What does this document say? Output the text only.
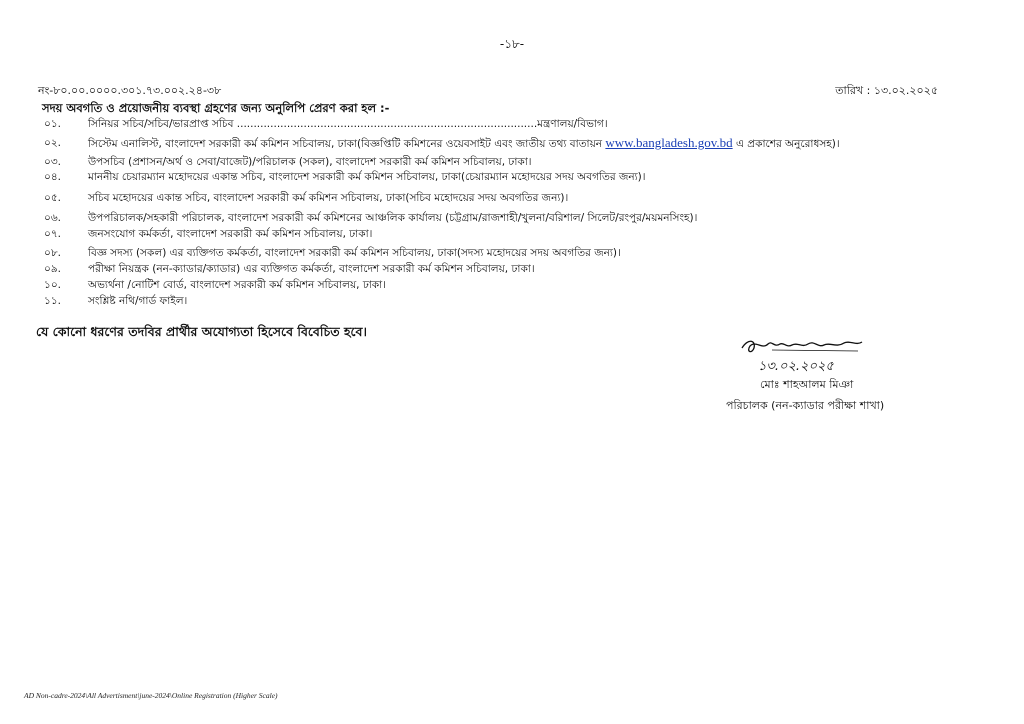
-১৮-
নং-৮০.০০.০০০০.৩০১.৭৩.০০২.২৪-৩৮	তারিখ : ১৩.০২.২০২৫
সদয় অবগতি ও প্রয়োজনীয় ব্যবস্থা গ্রহণের জন্য অনুলিপি প্রেরণ করা হল :-
০১.	সিনিয়র সচিব/সচিব/ভারপ্রাপ্ত সচিব ..........................................................................................মন্ত্রণালয়/বিভাগ।
০২.	সিস্টেম এনালিস্ট, বাংলাদেশ সরকারী কর্ম কমিশন সচিবালয়, ঢাকা(বিজ্ঞপ্তিটি কমিশনের ওয়েবসাইট এবং জাতীয় তথ্য বাতায়ন www.bangladesh.gov.bd এ প্রকাশের অনুরোধসহ)।
০৩.	উপসচিব (প্রশাসন/অর্থ ও সেবা/বাজেট)/পরিচালক (সকল), বাংলাদেশ সরকারী কর্ম কমিশন সচিবালয়, ঢাকা।
০৪.	মাননীয় চেয়ারম্যান মহোদয়ের একান্ত সচিব, বাংলাদেশ সরকারী কর্ম কমিশন সচিবালয়, ঢাকা(চেয়ারম্যান মহোদয়ের সদয় অবগতির জন্য)।
০৫.	সচিব মহোদয়ের একান্ত সচিব, বাংলাদেশ সরকারী কর্ম কমিশন সচিবালয়, ঢাকা(সচিব মহোদয়ের সদয় অবগতির জন্য)।
০৬.	উপপরিচালক/সহকারী পরিচালক, বাংলাদেশ সরকারী কর্ম কমিশনের আঞ্চলিক কার্যালয় (চট্টগ্রাম/রাজশাহী/খুলনা/বরিশাল/ সিলেট/রংপুর/ময়মনসিংহ)।
০৭.	জনসংযোগ কর্মকর্তা, বাংলাদেশ সরকারী কর্ম কমিশন সচিবালয়, ঢাকা।
০৮.	বিজ্ঞ সদস্য (সকল) এর ব্যক্তিগত কর্মকর্তা, বাংলাদেশ সরকারী কর্ম কমিশন সচিবালয়, ঢাকা(সদস্য মহোদয়ের সদয় অবগতির জন্য)।
০৯.	পরীক্ষা নিয়ন্ত্রক (নন-ক্যাডার/ক্যাডার) এর ব্যক্তিগত কর্মকর্তা, বাংলাদেশ সরকারী কর্ম কমিশন সচিবালয়, ঢাকা।
১০.	অভ্যর্থনা /নোটিশ বোর্ড, বাংলাদেশ সরকারী কর্ম কমিশন সচিবালয়, ঢাকা।
১১.	সংশ্লিষ্ট নথি/গার্ড ফাইল।
যে কোনো ধরণের তদবির প্রার্থীর অযোগ্যতা হিসেবে বিবেচিত হবে।
১৩.০২.২০২৫
মোঃ শাহআলম মিঞা
পরিচালক (নন-ক্যাডার পরীক্ষা শাখা)
AD Non-cadre-2024\All Advertisment\june-2024\Online Registration (Higher Scale)
